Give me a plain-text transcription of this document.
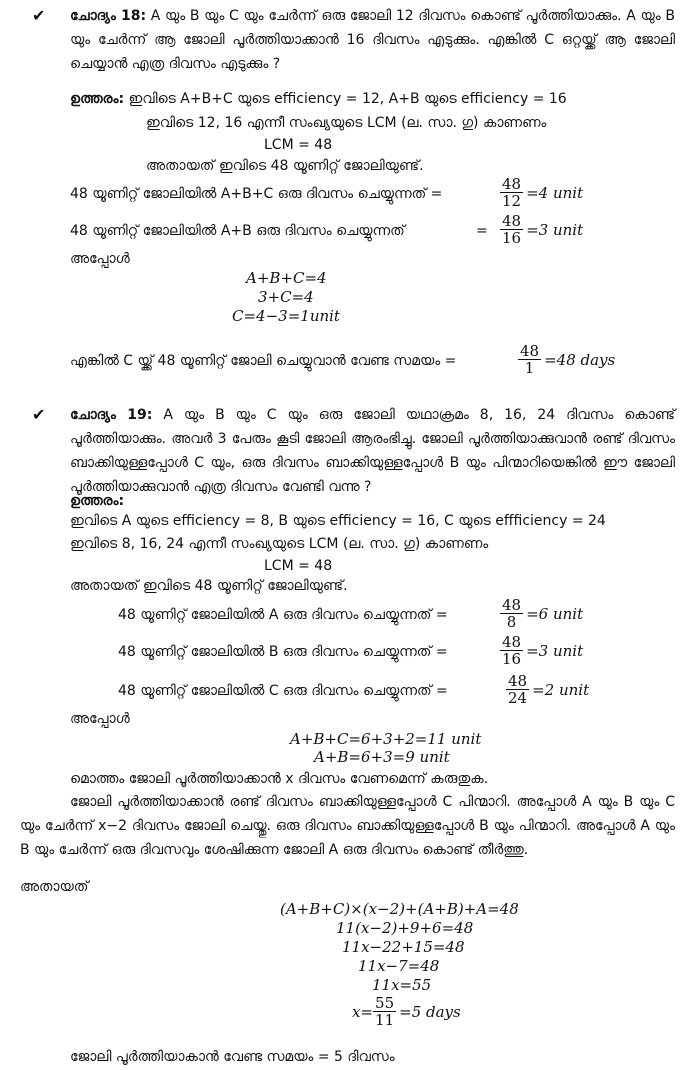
✔ ചോദ്യം 18: A യും B യും C യും ചേർന്ന് ഒരു ജോലി 12 ദിവസം കൊണ്ട് പൂർത്തിയാക്കും. A യും B യും ചേർന്ന് ആ ജോലി പൂർത്തിയാക്കാൻ 16 ദിവസം എടുക്കും. എങ്കിൽ C ഒറ്റയ്ക്ക് ആ ജോലി ചെയ്യാൻ എത്ര ദിവസം എടുക്കും ?
ഉത്തരം: ഇവിടെ A+B+C യുടെ efficiency = 12, A+B യുടെ efficiency = 16
ഇവിടെ 12, 16 എന്നീ സംഖ്യയുടെ LCM (ല. സാ. ഗു) കാണണം
LCM = 48
അതായത് ഇവിടെ 48 യൂണിറ്റ് ജോലിയുണ്ട്.
48 യൂണിറ്റ് ജോലിയിൽ A+B+C ഒരു ദിവസം ചെയ്യുന്നത് =	$\frac{48}{12} =4$ unit
48 യൂണിറ്റ് ജോലിയിൽ A+B ഒരു ദിവസം ചെയ്യുന്നത്	= $\frac{48}{16} =3$ unit
അപ്പോൾ
A+B+C=4
3+C=4
C=4−3=1unit
എങ്കിൽ C യ്ക്ക് 48 യൂണിറ്റ് ജോലി ചെയ്യുവാൻ വേണ്ട സമയം =	$\frac{48}{1} =48$ days
✔ ചോദ്യം 19: A യും B യും C യും ഒരു ജോലി യഥാക്രമം 8, 16, 24 ദിവസം കൊണ്ട് പൂർത്തിയാക്കും. അവർ 3 പേരും കൂടി ജോലി ആരംഭിച്ചു. ജോലി പൂർത്തിയാക്കുവാൻ രണ്ട് ദിവസം ബാക്കിയുള്ളപ്പോൾ C യും, ഒരു ദിവസം ബാക്കിയുള്ളപ്പോൾ B യും പിന്മാറിയെങ്കിൽ ഈ ജോലി പൂർത്തിയാക്കുവാൻ എത്ര ദിവസം വേണ്ടി വന്നു ?
ഉത്തരം:
ഇവിടെ A യുടെ efficiency = 8, B യുടെ efficiency = 16, C യുടെ effficiency = 24
ഇവിടെ 8, 16, 24 എന്നീ സംഖ്യയുടെ LCM (ല. സാ. ഗു) കാണണം
LCM = 48
അതായത് ഇവിടെ 48 യൂണിറ്റ് ജോലിയുണ്ട്.
48 യൂണിറ്റ് ജോലിയിൽ A ഒരു ദിവസം ചെയ്യുന്നത് =	$\frac{48}{8} =6$ unit
48 യൂണിറ്റ് ജോലിയിൽ B ഒരു ദിവസം ചെയ്യുന്നത് =	$\frac{48}{16} =3$ unit
48 യൂണിറ്റ് ജോലിയിൽ C ഒരു ദിവസം ചെയ്യുന്നത് =	$\frac{48}{24} =2$ unit
അപ്പോൾ
A+B+C=6+3+2=11 unit
A+B=6+3=9 unit
മൊത്തം ജോലി പൂർത്തിയാക്കാൻ x ദിവസം വേണമെന്ന് കരുതുക.
ജോലി പൂർത്തിയാക്കാൻ രണ്ട് ദിവസം ബാക്കിയുള്ളപ്പോൾ C പിന്മാറി. അപ്പോൾ A യും B യും C യും ചേർന്ന് x−2 ദിവസം ജോലി ചെയ്തു. ഒരു ദിവസം ബാക്കിയുള്ളപ്പോൾ B യും പിന്മാറി. അപ്പോൾ A യും B യും ചേർന്ന് ഒരു ദിവസവും ശേഷിക്കുന്ന ജോലി A ഒരു ദിവസം കൊണ്ട് തീർത്തു.
അതായത്
(A+B+C)×(x−2)+(A+B)+A=48
11(x−2)+9+6=48
11x−22+15=48
11x−7=48
11x=55
$x= \frac{55}{11} =5$ days
ജോലി പൂർത്തിയാകാൻ വേണ്ട സമയം = 5 ദിവസം
